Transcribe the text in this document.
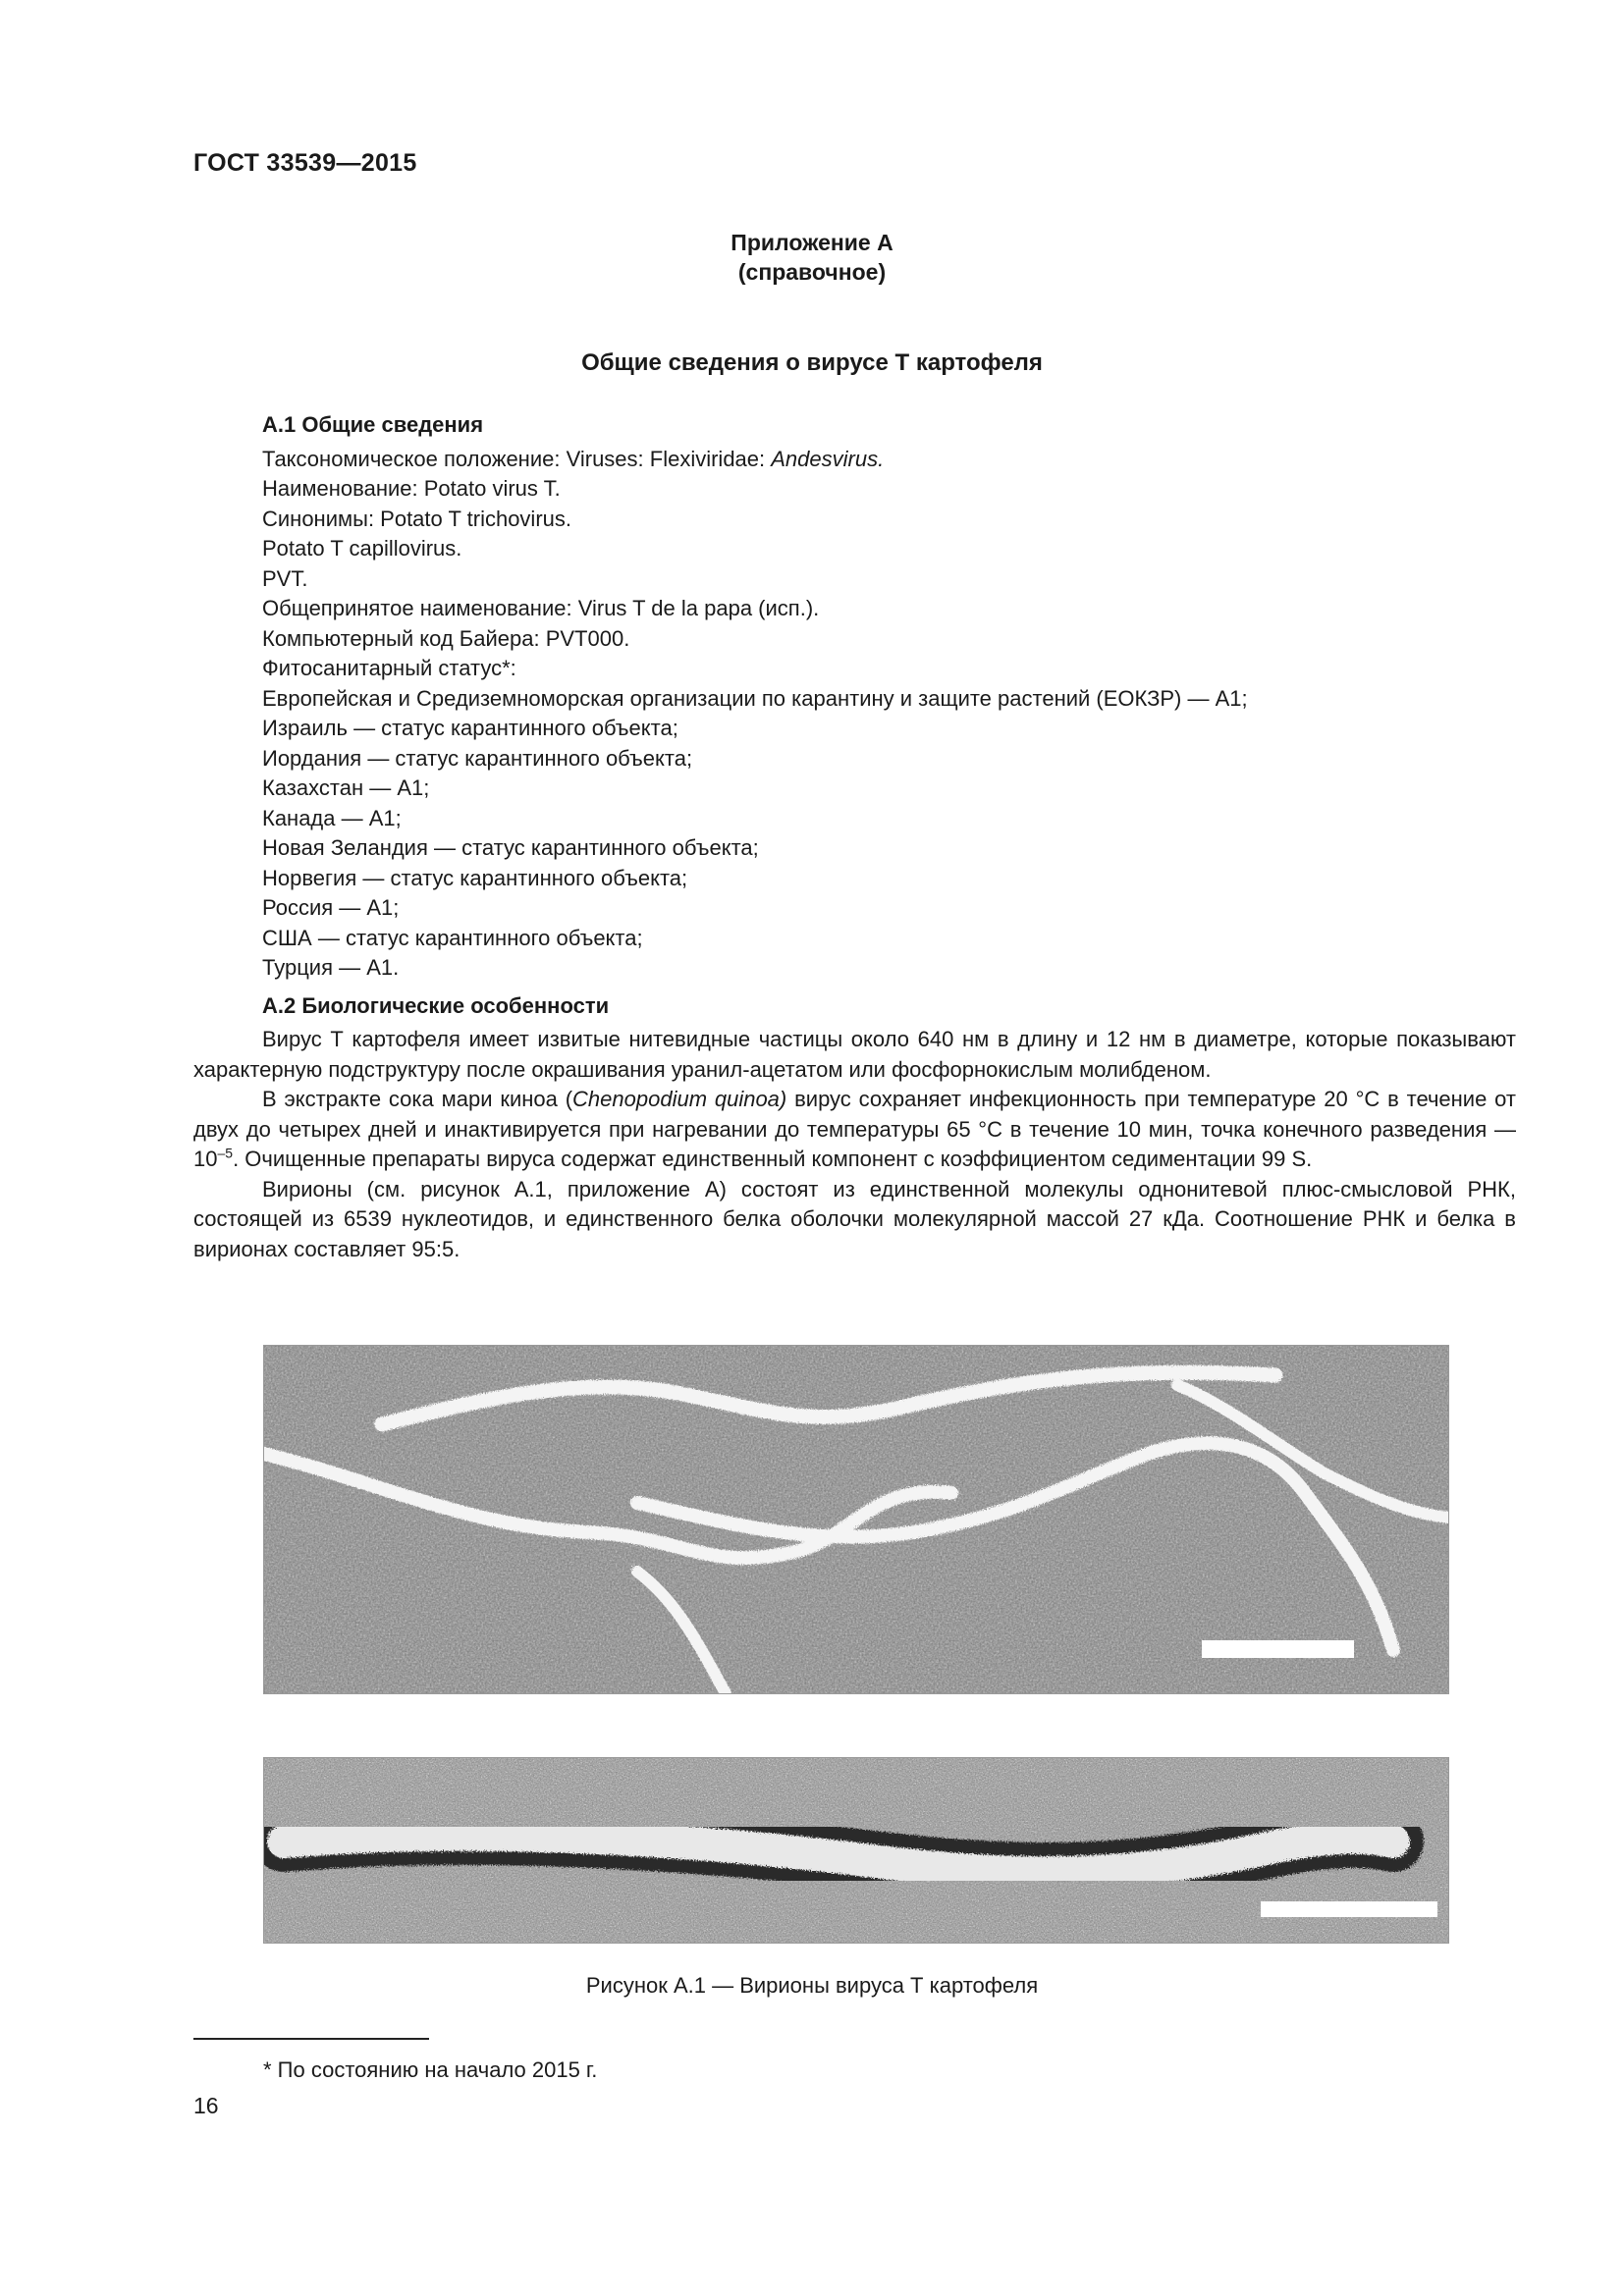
ГОСТ 33539—2015
Приложение А
(справочное)
Общие сведения о вирусе Т картофеля
А.1 Общие сведения
Таксономическое положение: Viruses: Flexiviridae: Andesvirus.
Наименование: Potato virus T.
Синонимы: Potato T trichovirus.
Potato T capillovirus.
PVT.
Общепринятое наименование: Virus T de la papa (исп.).
Компьютерный код Байера: PVT000.
Фитосанитарный статус*:
Европейская и Средиземноморская организации по карантину и защите растений (ЕОКЗР) — А1;
Израиль — статус карантинного объекта;
Иордания — статус карантинного объекта;
Казахстан — А1;
Канада — А1;
Новая Зеландия — статус карантинного объекта;
Норвегия — статус карантинного объекта;
Россия — А1;
США — статус карантинного объекта;
Турция — А1.
А.2 Биологические особенности

Вирус Т картофеля имеет извитые нитевидные частицы около 640 нм в длину и 12 нм в диаметре, которые показывают характерную подструктуру после окрашивания уранил-ацетатом или фосфорнокислым молибденом.

В экстракте сока мари киноа (Chenopodium quinoa) вирус сохраняет инфекционность при температуре 20 °С в течение от двух до четырех дней и инактивируется при нагревании до температуры 65 °С в течение 10 мин, точка конечного разведения — $10^{-5}$. Очищенные препараты вируса содержат единственный компонент с коэффициентом седиментации 99 S.

Вирионы (см. рисунок А.1, приложение А) состоят из единственной молекулы однонитевой плюс-смысловой РНК, состоящей из 6539 нуклеотидов, и единственного белка оболочки молекулярной массой 27 кДа. Соотношение РНК и белка в вирионах составляет 95:5.

Рисунок А.1 — Вирионы вируса Т картофеля
* По состоянию на начало 2015 г.
16
